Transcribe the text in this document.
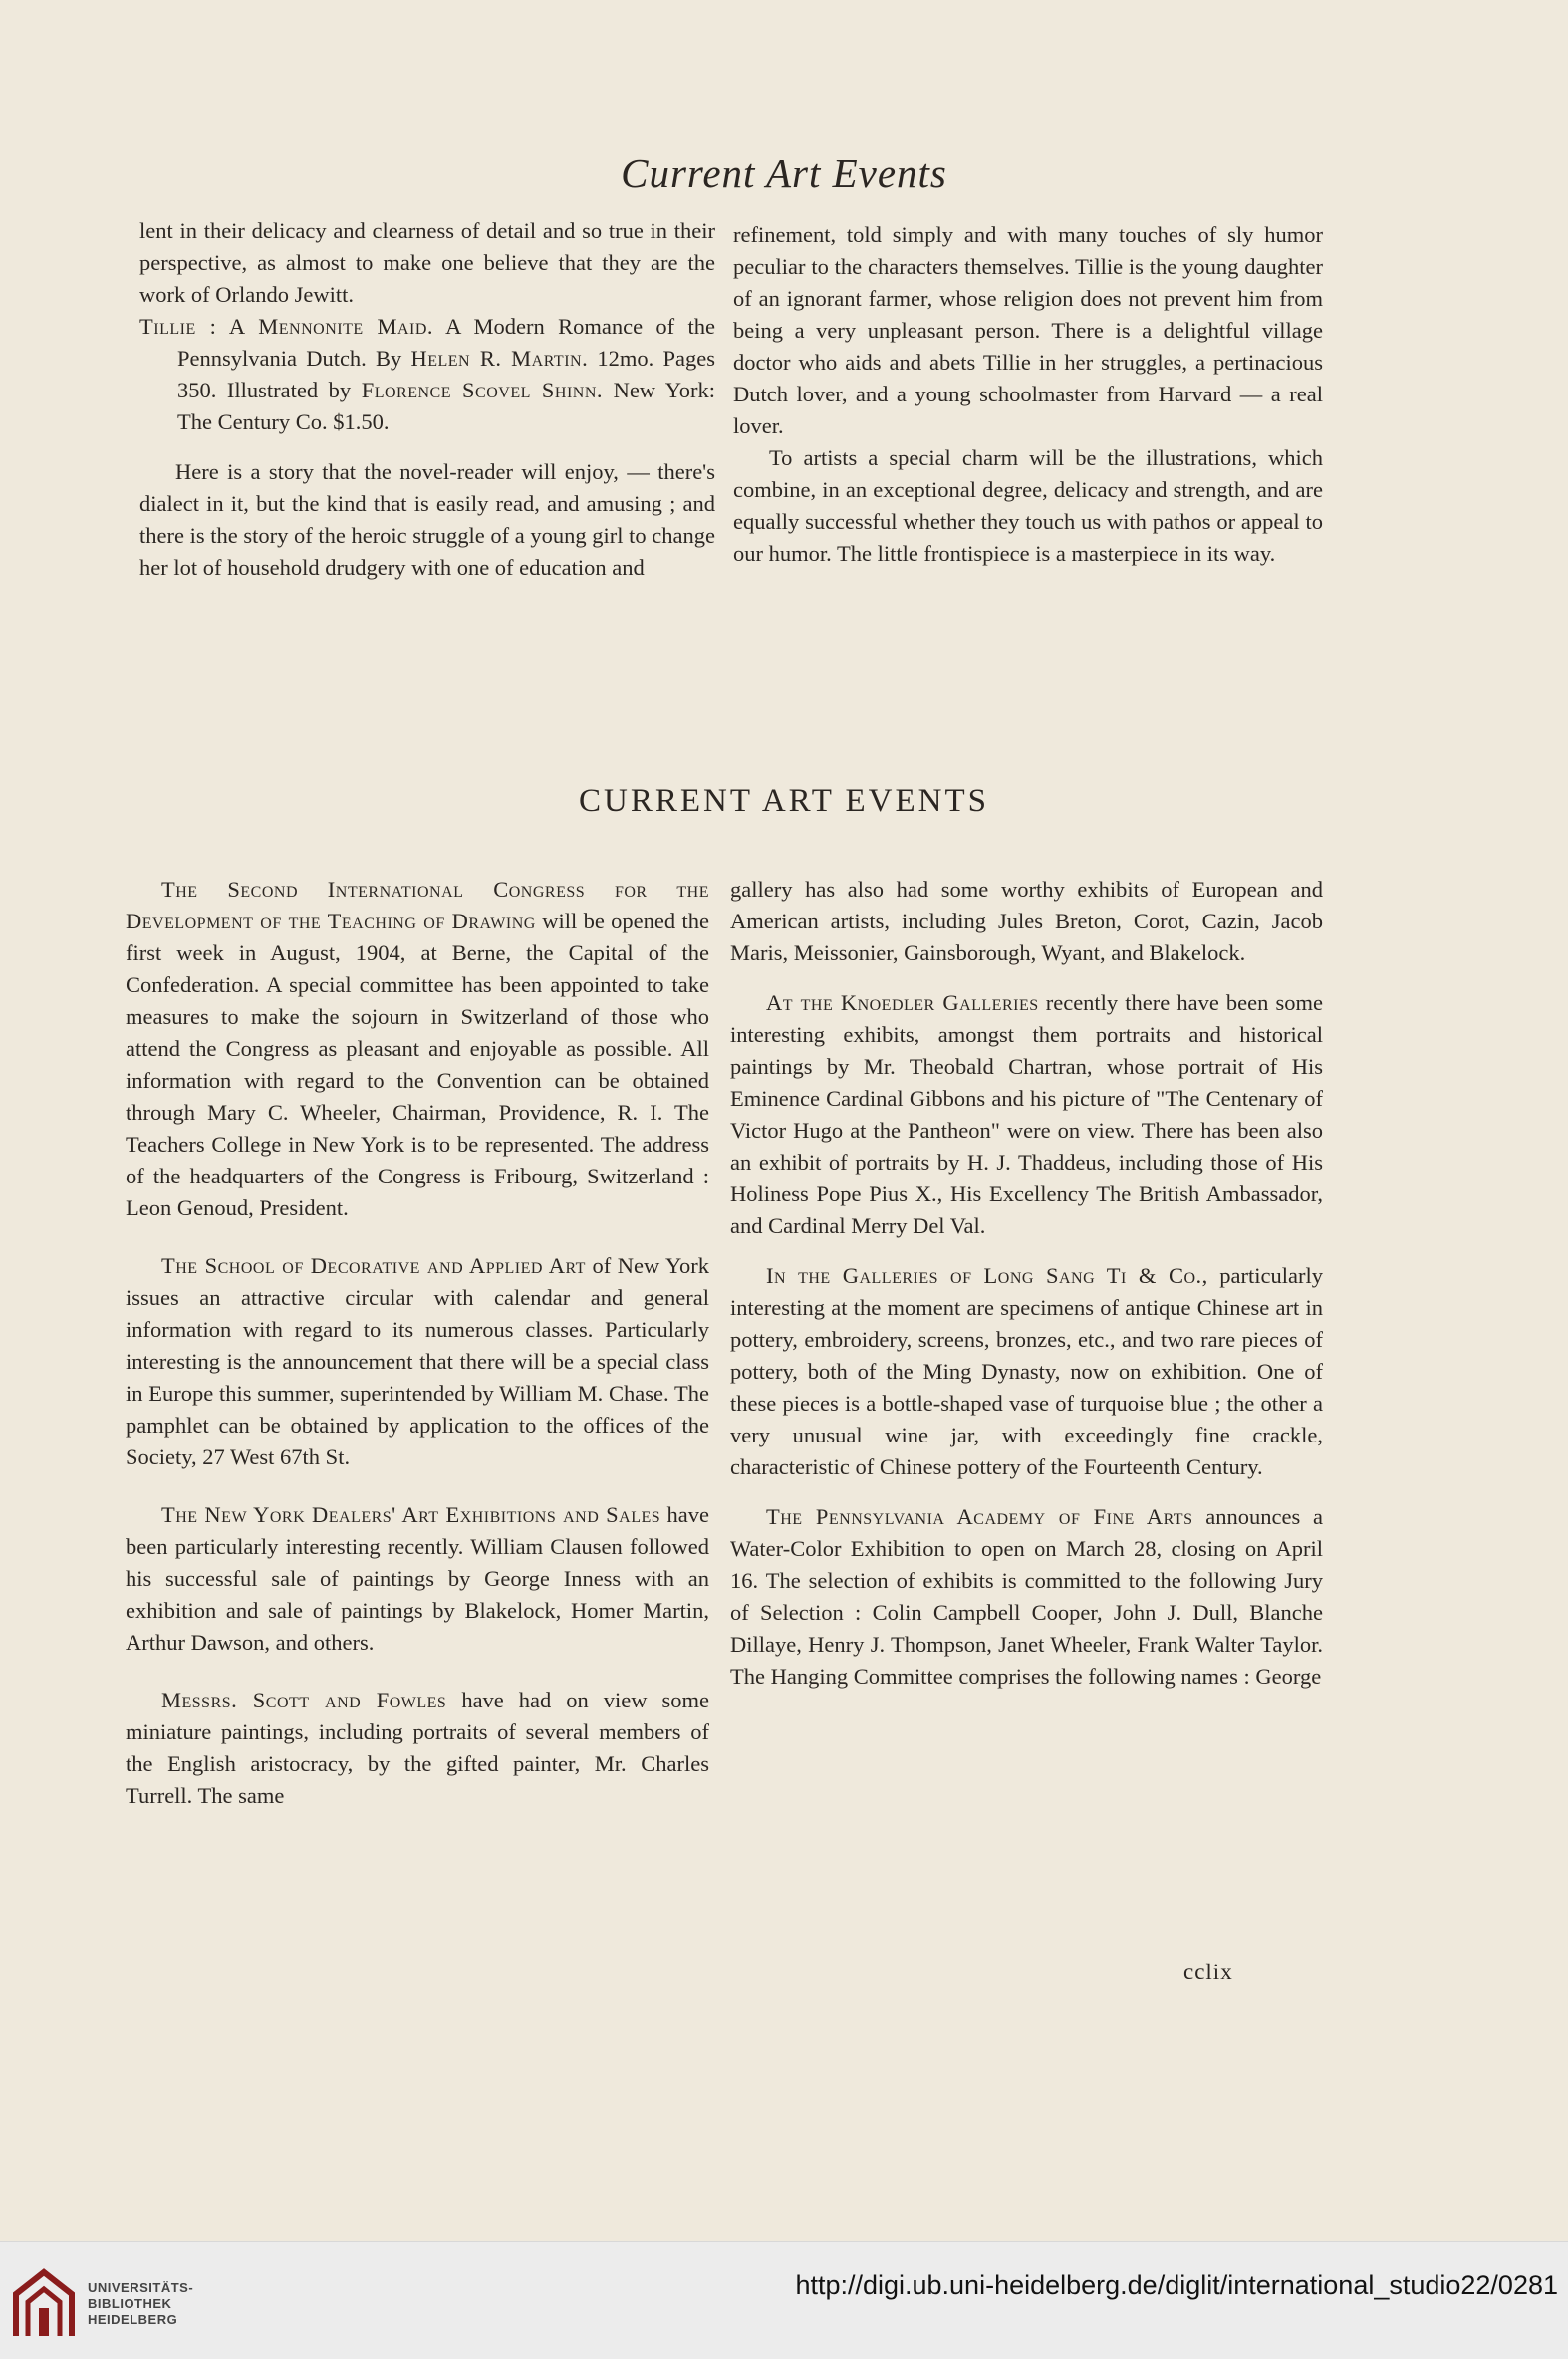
Current Art Events

lent in their delicacy and clearness of detail and so true in their perspective, as almost to make one believe that they are the work of Orlando Jewitt.

Tillie : A Mennonite Maid. A Modern Romance of the Pennsylvania Dutch. By Helen R. Martin. 12mo. Pages 350. Illustrated by Florence Scovel Shinn. New York: The Century Co. $1.50.

Here is a story that the novel-reader will enjoy, — there's dialect in it, but the kind that is easily read, and amusing ; and there is the story of the heroic struggle of a young girl to change her lot of household drudgery with one of education and

refinement, told simply and with many touches of sly humor peculiar to the characters themselves. Tillie is the young daughter of an ignorant farmer, whose religion does not prevent him from being a very unpleasant person. There is a delightful village doctor who aids and abets Tillie in her struggles, a pertinacious Dutch lover, and a young schoolmaster from Harvard — a real lover.

To artists a special charm will be the illustrations, which combine, in an exceptional degree, delicacy and strength, and are equally successful whether they touch us with pathos or appeal to our humor. The little frontispiece is a masterpiece in its way.

CURRENT ART EVENTS

The Second International Congress for the Development of the Teaching of Drawing will be opened the first week in August, 1904, at Berne, the Capital of the Confederation. A special committee has been appointed to take measures to make the sojourn in Switzerland of those who attend the Congress as pleasant and enjoyable as possible. All information with regard to the Convention can be obtained through Mary C. Wheeler, Chairman, Providence, R. I. The Teachers College in New York is to be represented. The address of the headquarters of the Congress is Fribourg, Switzerland : Leon Genoud, President.

The School of Decorative and Applied Art of New York issues an attractive circular with calendar and general information with regard to its numerous classes. Particularly interesting is the announcement that there will be a special class in Europe this summer, superintended by William M. Chase. The pamphlet can be obtained by application to the offices of the Society, 27 West 67th St.

The New York Dealers' Art Exhibitions and Sales have been particularly interesting recently. William Clausen followed his successful sale of paintings by George Inness with an exhibition and sale of paintings by Blakelock, Homer Martin, Arthur Dawson, and others.

Messrs. Scott and Fowles have had on view some miniature paintings, including portraits of several members of the English aristocracy, by the gifted painter, Mr. Charles Turrell. The same

gallery has also had some worthy exhibits of European and American artists, including Jules Breton, Corot, Cazin, Jacob Maris, Meissonier, Gainsborough, Wyant, and Blakelock.

At the Knoedler Galleries recently there have been some interesting exhibits, amongst them portraits and historical paintings by Mr. Theobald Chartran, whose portrait of His Eminence Cardinal Gibbons and his picture of "The Centenary of Victor Hugo at the Pantheon" were on view. There has been also an exhibit of portraits by H. J. Thaddeus, including those of His Holiness Pope Pius X., His Excellency The British Ambassador, and Cardinal Merry Del Val.

In the Galleries of Long Sang Ti & Co., particularly interesting at the moment are specimens of antique Chinese art in pottery, embroidery, screens, bronzes, etc., and two rare pieces of pottery, both of the Ming Dynasty, now on exhibition. One of these pieces is a bottle-shaped vase of turquoise blue ; the other a very unusual wine jar, with exceedingly fine crackle, characteristic of Chinese pottery of the Fourteenth Century.

The Pennsylvania Academy of Fine Arts announces a Water-Color Exhibition to open on March 28, closing on April 16. The selection of exhibits is committed to the following Jury of Selection : Colin Campbell Cooper, John J. Dull, Blanche Dillaye, Henry J. Thompson, Janet Wheeler, Frank Walter Taylor. The Hanging Committee comprises the following names : George

cclix
UNIVERSITÄTS-
BIBLIOTHEK
HEIDELBERG
http://digi.ub.uni-heidelberg.de/diglit/international_studio22/0281
